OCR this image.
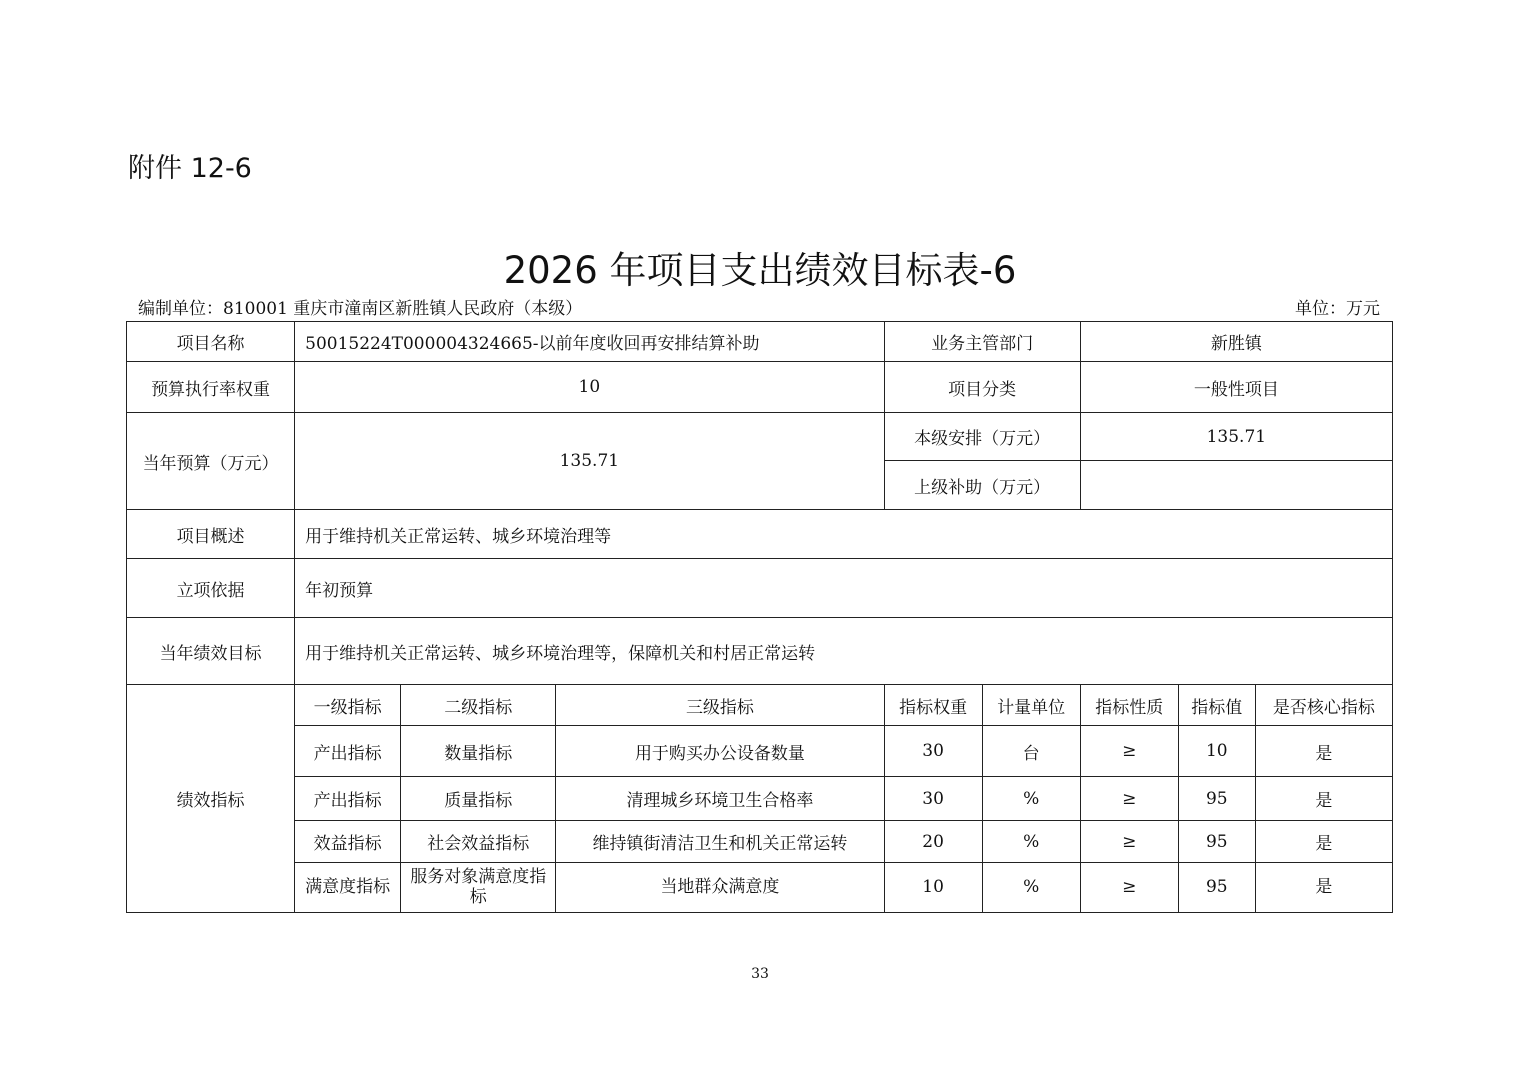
附件 12-6
2026 年项目支出绩效目标表-6
编制单位：810001 重庆市潼南区新胜镇人民政府（本级）	单位：万元
项目名称	50015224T000004324665-以前年度收回再安排结算补助			业务主管部门		新胜镇		
预算执行率权重	10			项目分类		一般性项目		
当年预算（万元）	135.71			本级安排（万元）		135.71		
				上级补助（万元）				
项目概述	用于维持机关正常运转、城乡环境治理等							
立项依据	年初预算							
当年绩效目标	用于维持机关正常运转、城乡环境治理等，保障机关和村居正常运转							
绩效指标	一级指标	二级指标	三级指标	指标权重	计量单位	指标性质	指标值	是否核心指标
	产出指标	数量指标	用于购买办公设备数量	30	台	≥	10	是
	产出指标	质量指标	清理城乡环境卫生合格率	30	%	≥	95	是
	效益指标	社会效益指标	维持镇街清洁卫生和机关正常运转	20	%	≥	95	是
	满意度指标	服务对象满意度指标	当地群众满意度	10	%	≥	95	是
33
